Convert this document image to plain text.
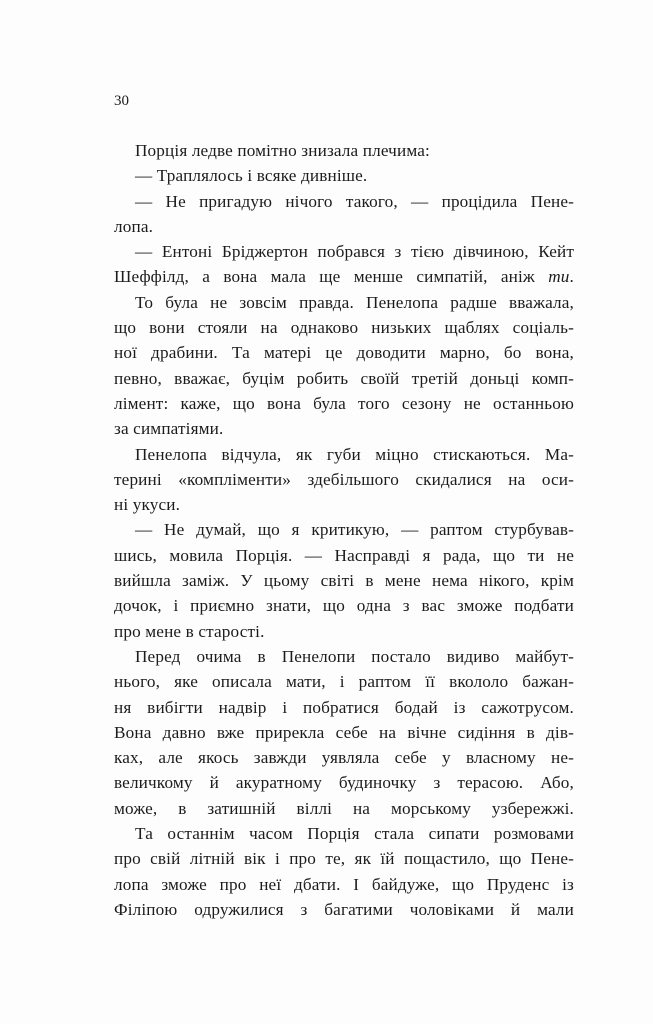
30
Порція ледве помітно знизала плечима:
— Траплялось і всяке дивніше.
— Не пригадую нічого такого, — процідила Пене-
лопа.
— Ентоні Бріджертон побрався з тією дівчиною, Кейт
Шеффілд, а вона мала ще менше симпатій, аніж ти.
То була не зовсім правда. Пенелопа радше вважала,
що вони стояли на однаково низьких щаблях соціаль-
ної драбини. Та матері це доводити марно, бо вона,
певно, вважає, буцім робить своїй третій доньці комп-
лімент: каже, що вона була того сезону не останньою
за симпатіями.
Пенелопа відчула, як губи міцно стискаються. Ма-
терині «компліменти» здебільшого скидалися на оси-
ні укуси.
— Не думай, що я критикую, — раптом стурбував-
шись, мовила Порція. — Насправді я рада, що ти не
вийшла заміж. У цьому світі в мене нема нікого, крім
дочок, і приємно знати, що одна з вас зможе подбати
про мене в старості.
Перед очима в Пенелопи постало видиво майбут-
нього, яке описала мати, і раптом її вкололо бажан-
ня вибігти надвір і побратися бодай із сажотрусом.
Вона давно вже прирекла себе на вічне сидіння в дів-
ках, але якось завжди уявляла себе у власному не-
величкому й акуратному будиночку з терасою. Або,
може, в затишній віллі на морському узбережжі.
Та останнім часом Порція стала сипати розмовами
про свій літній вік і про те, як їй пощастило, що Пене-
лопа зможе про неї дбати. І байдуже, що Пруденс із
Філіпою одружилися з багатими чоловіками й мали
